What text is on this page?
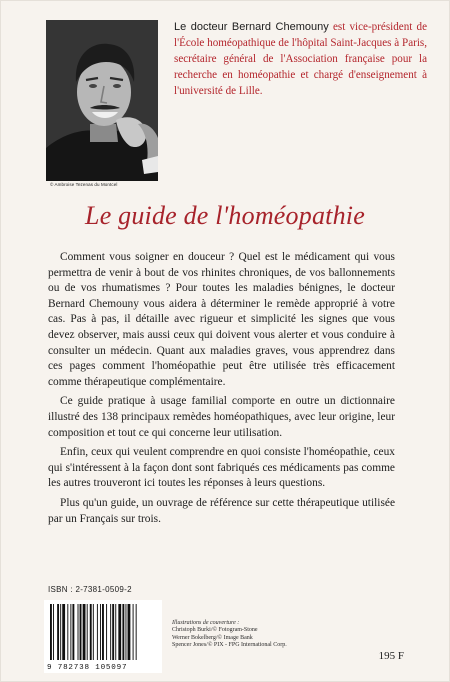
© Ambroise Tezenas du Montcel
Le docteur Bernard Chemouny est vice-président de l'École homéopathique de l'hôpital Saint-Jacques à Paris, secrétaire général de l'Association française pour la recherche en homéopathie et chargé d'enseignement à l'université de Lille.
Le guide de l'homéopathie

Comment vous soigner en douceur ? Quel est le médicament qui vous permettra de venir à bout de vos rhinites chroniques, de vos ballonnements ou de vos rhumatismes ? Pour toutes les maladies bénignes, le docteur Bernard Chemouny vous aidera à déterminer le remède approprié à votre cas. Pas à pas, il détaille avec rigueur et simplicité les signes que vous devez observer, mais aussi ceux qui doivent vous alerter et vous conduire à consulter un médecin. Quant aux maladies graves, vous apprendrez dans ces pages comment l'homéopathie peut être utilisée très efficacement comme thérapeutique complémentaire.

Ce guide pratique à usage familial comporte en outre un dictionnaire illustré des 138 principaux remèdes homéopathiques, avec leur origine, leur composition et tout ce qui concerne leur utilisation.

Enfin, ceux qui veulent comprendre en quoi consiste l'homéopathie, ceux qui s'intéressent à la façon dont sont fabriqués ces médicaments pas comme les autres trouveront ici toutes les réponses à leurs questions.

Plus qu'un guide, un ouvrage de référence sur cette thérapeutique utilisée par un Français sur trois.

ISBN : 2-7381-0509-2
9 782738 105097
Illustrations de couverture :
Christoph Burki/© Fotogram-Stone
Werner Bokelberg/© Image Bank
Spencer Jones/© PIX - FPG International Corp.
195 F
